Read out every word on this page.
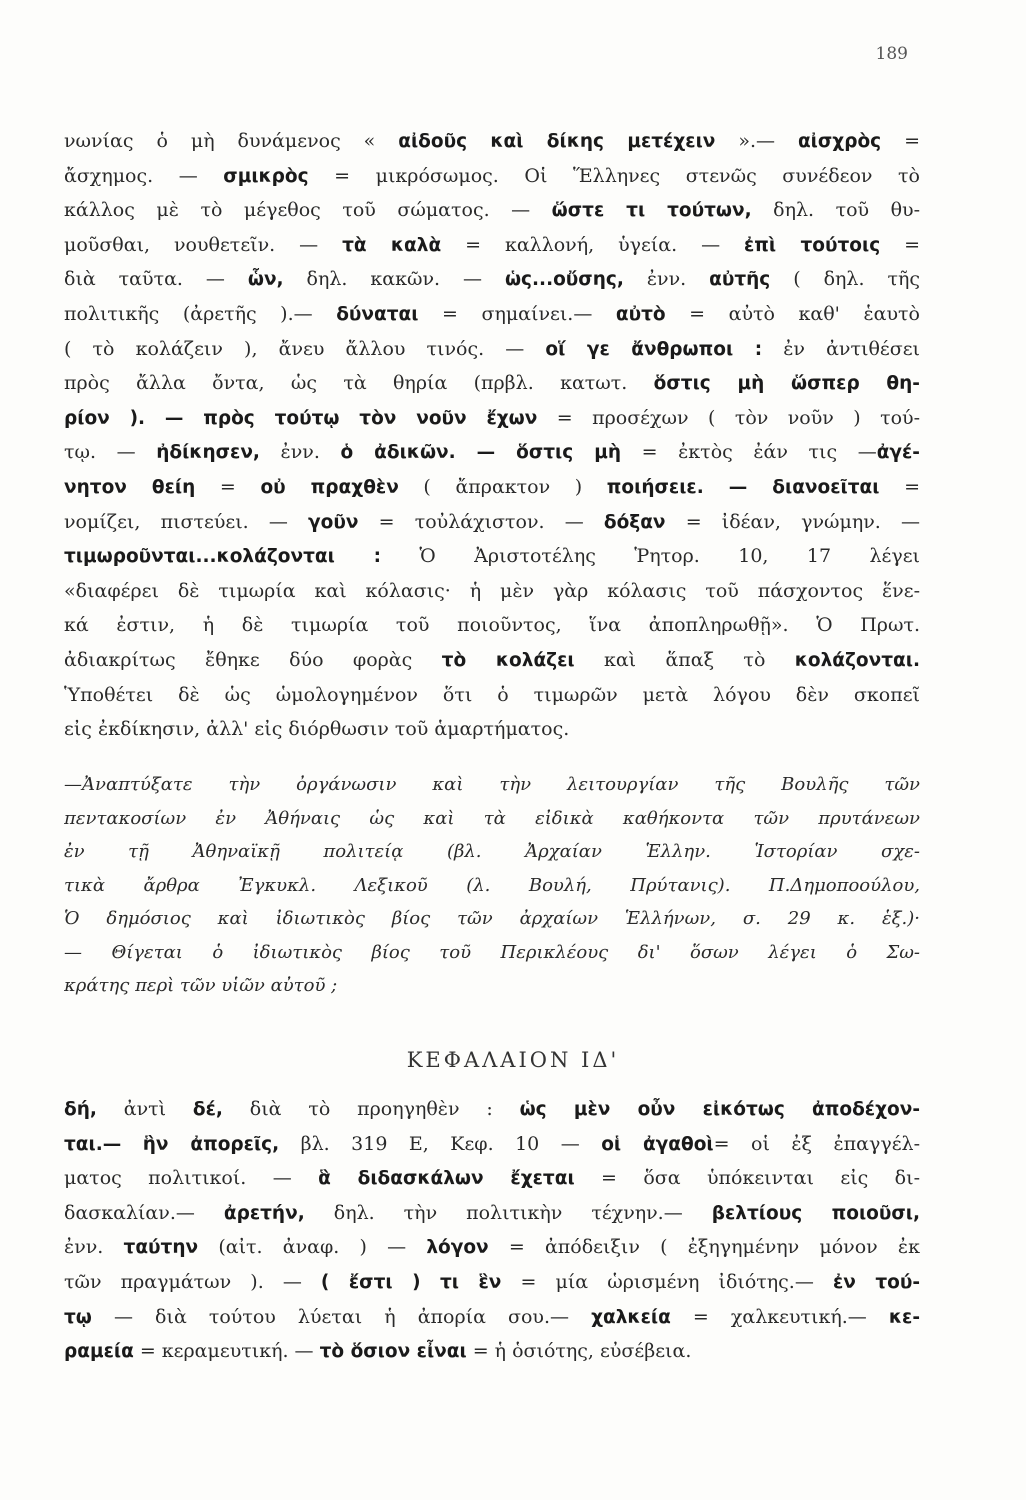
189
νωνίας ὁ μὴ δυνάμενος « αἰδοῦς καὶ δίκης μετέχειν ».— αἰσχρὸς =
ἄσχημος. — σμικρὸς = μικρόσωμος. Οἱ Ἕλληνες στενῶς συνέδεον τὸ
κάλλος μὲ τὸ μέγεθος τοῦ σώματος. — ὥστε τι τούτων, δηλ. τοῦ θυ-
μοῦσθαι, νουθετεῖν. — τὰ καλὰ = καλλονή, ὑγεία. — ἐπὶ τούτοις =
διὰ ταῦτα. — ὧν, δηλ. κακῶν. — ὡς...οὔσης, ἐνν. αὐτῆς ( δηλ. τῆς
πολιτικῆς (ἀρετῆς ).— δύναται = σημαίνει.— αὐτὸ = αὐτὸ καθ' ἑαυτὸ
( τὸ κολάζειν ), ἄνευ ἄλλου τινός. — οἵ γε ἄνθρωποι : ἐν ἀντιθέσει
πρὸς ἄλλα ὄντα, ὡς τὰ θηρία (πρβλ. κατωτ. ὅστις μὴ ὥσπερ θη-
ρίον ). — πρὸς τούτῳ τὸν νοῦν ἔχων = προσέχων ( τὸν νοῦν ) τού-
τῳ. — ἠδίκησεν, ἐνν. ὁ ἀδικῶν. — ὅστις μὴ = ἐκτὸς ἐάν τις —ἀγέ-
νητον θείη = οὐ πραχθὲν ( ἄπρακτον ) ποιήσειε. — διανοεῖται =
νομίζει, πιστεύει. — γοῦν = τοὐλάχιστον. — δόξαν = ἰδέαν, γνώμην. —
τιμωροῦνται...κολάζονται : Ὁ Ἀριστοτέλης Ῥητορ. 10, 17 λέγει
«διαφέρει δὲ τιμωρία καὶ κόλασις· ἡ μὲν γὰρ κόλασις τοῦ πάσχοντος ἕνε-
κά ἐστιν, ἡ δὲ τιμωρία τοῦ ποιοῦντος, ἵνα ἀποπληρωθῇ». Ὁ Πρωτ.
ἀδιακρίτως ἔθηκε δύο φορὰς τὸ κολάζει καὶ ἅπαξ τὸ κολάζονται.
Ὑποθέτει δὲ ὡς ὡμολογημένον ὅτι ὁ τιμωρῶν μετὰ λόγου δὲν σκοπεῖ
εἰς ἐκδίκησιν, ἀλλ' εἰς διόρθωσιν τοῦ ἁμαρτήματος.
—Ἀναπτύξατε τὴν ὀργάνωσιν καὶ τὴν λειτουργίαν τῆς Βουλῆς τῶν
πεντακοσίων ἐν Ἀθήναις ὡς καὶ τὰ εἰδικὰ καθήκοντα τῶν πρυτάνεων
ἐν τῇ Ἀθηναϊκῇ πολιτείᾳ (βλ. Ἀρχαίαν Ἑλλην. Ἱστορίαν σχε-
τικὰ ἄρθρα Ἐγκυκλ. Λεξικοῦ (λ. Βουλή, Πρύτανις). Π.Δημοποούλου,
Ὁ δημόσιος καὶ ἰδιωτικὸς βίος τῶν ἀρχαίων Ἑλλήνων, σ. 29 κ. ἑξ.)·
— Θίγεται ὁ ἰδιωτικὸς βίος τοῦ Περικλέους δι' ὅσων λέγει ὁ Σω-
κράτης περὶ τῶν υἱῶν αὐτοῦ ;
ΚΕΦΑΛΑΙΟΝ ΙΔ'
δή, ἀντὶ δέ, διὰ τὸ προηγηθὲν : ὡς μὲν οὖν εἰκότως ἀποδέχον-
ται.— ἣν ἀπορεῖς, βλ. 319 Ε, Κεφ. 10 — οἱ ἀγαθοὶ= οἱ ἐξ ἐπαγγέλ-
ματος πολιτικοί. — ἃ διδασκάλων ἔχεται = ὅσα ὑπόκεινται εἰς δι-
δασκαλίαν.— ἀρετήν, δηλ. τὴν πολιτικὴν τέχνην.— βελτίους ποιοῦσι,
ἐνν. ταύτην (αἰτ. ἀναφ. ) — λόγον = ἀπόδειξιν ( ἐξηγημένην μόνον ἐκ
τῶν πραγμάτων ). — ( ἔστι ) τι ἓν = μία ὡρισμένη ἰδιότης.— ἐν τού-
τῳ — διὰ τούτου λύεται ἡ ἀπορία σου.— χαλκεία = χαλκευτική.— κε-
ραμεία = κεραμευτική. — τὸ ὅσιον εἶναι = ἡ ὁσιότης, εὐσέβεια.
